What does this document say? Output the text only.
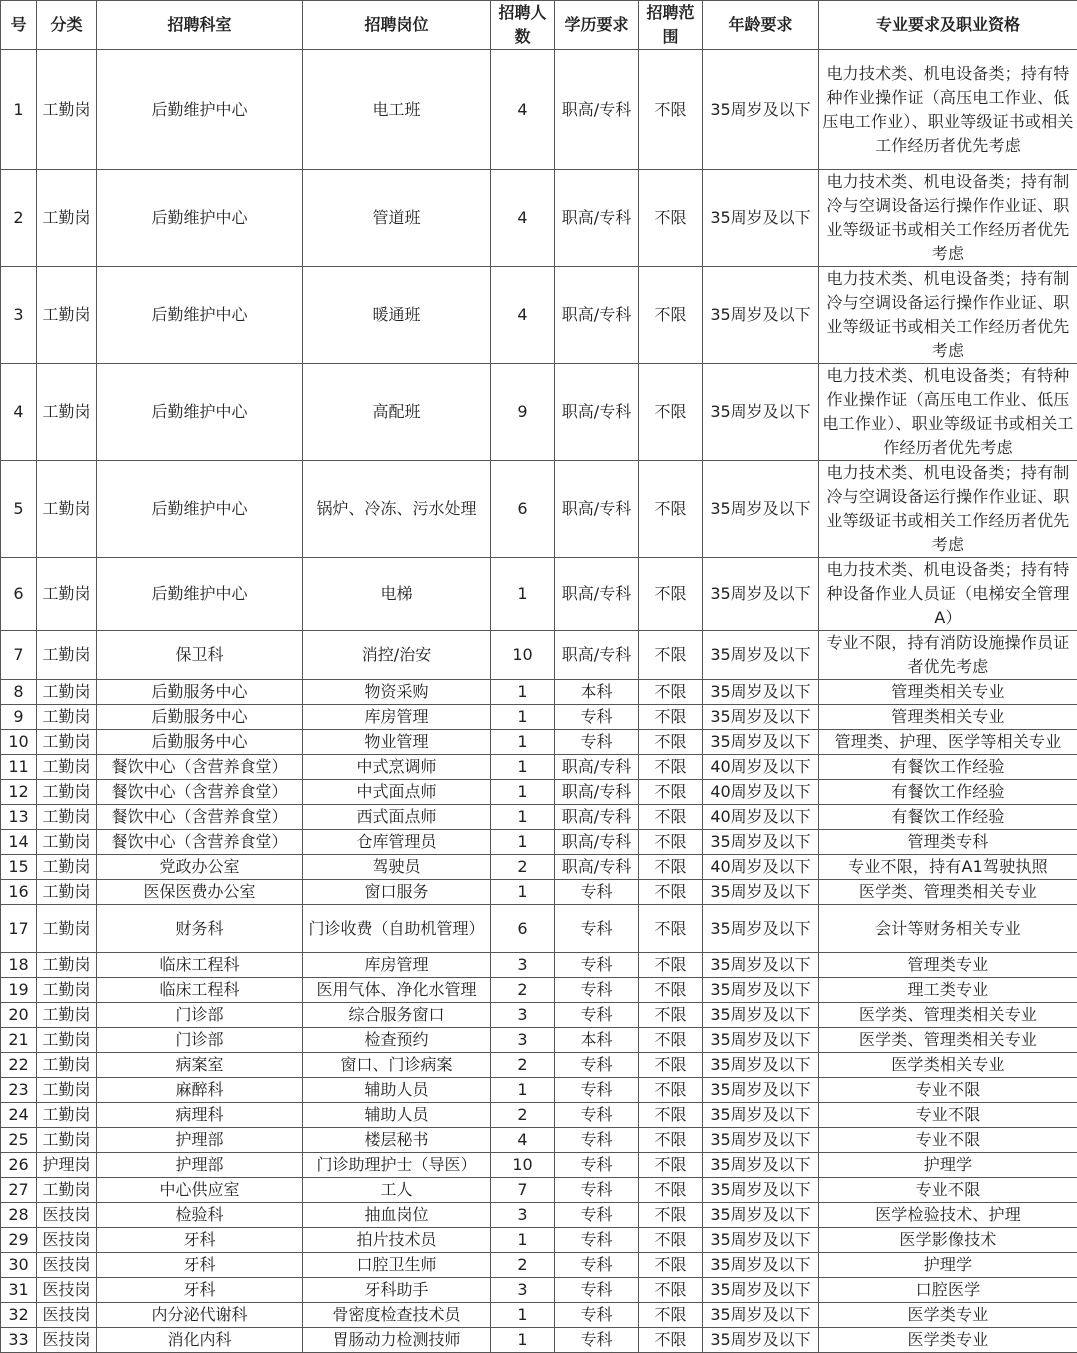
号	分类	招聘科室	招聘岗位	招聘人数	学历要求	招聘范围	年龄要求	专业要求及职业资格
1	工勤岗	后勤维护中心	电工班	4	职高/专科	不限	35周岁及以下	电力技术类、机电设备类；持有特种作业操作证（高压电工作业、低压电工作业）、职业等级证书或相关工作经历者优先考虑
2	工勤岗	后勤维护中心	管道班	4	职高/专科	不限	35周岁及以下	电力技术类、机电设备类；持有制冷与空调设备运行操作作业证、职业等级证书或相关工作经历者优先考虑
3	工勤岗	后勤维护中心	暖通班	4	职高/专科	不限	35周岁及以下	电力技术类、机电设备类；持有制冷与空调设备运行操作作业证、职业等级证书或相关工作经历者优先考虑
4	工勤岗	后勤维护中心	高配班	9	职高/专科	不限	35周岁及以下	电力技术类、机电设备类；有特种作业操作证（高压电工作业、低压电工作业）、职业等级证书或相关工作经历者优先考虑
5	工勤岗	后勤维护中心	锅炉、冷冻、污水处理	6	职高/专科	不限	35周岁及以下	电力技术类、机电设备类；持有制冷与空调设备运行操作作业证、职业等级证书或相关工作经历者优先考虑
6	工勤岗	后勤维护中心	电梯	1	职高/专科	不限	35周岁及以下	电力技术类、机电设备类；持有特种设备作业人员证（电梯安全管理A）
7	工勤岗	保卫科	消控/治安	10	职高/专科	不限	35周岁及以下	专业不限，持有消防设施操作员证者优先考虑
8	工勤岗	后勤服务中心	物资采购	1	本科	不限	35周岁及以下	管理类相关专业
9	工勤岗	后勤服务中心	库房管理	1	专科	不限	35周岁及以下	管理类相关专业
10	工勤岗	后勤服务中心	物业管理	1	专科	不限	35周岁及以下	管理类、护理、医学等相关专业
11	工勤岗	餐饮中心（含营养食堂）	中式烹调师	1	职高/专科	不限	40周岁及以下	有餐饮工作经验
12	工勤岗	餐饮中心（含营养食堂）	中式面点师	1	职高/专科	不限	40周岁及以下	有餐饮工作经验
13	工勤岗	餐饮中心（含营养食堂）	西式面点师	1	职高/专科	不限	40周岁及以下	有餐饮工作经验
14	工勤岗	餐饮中心（含营养食堂）	仓库管理员	1	职高/专科	不限	35周岁及以下	管理类专科
15	工勤岗	党政办公室	驾驶员	2	职高/专科	不限	40周岁及以下	专业不限，持有A1驾驶执照
16	工勤岗	医保医费办公室	窗口服务	1	专科	不限	35周岁及以下	医学类、管理类相关专业
17	工勤岗	财务科	门诊收费（自助机管理）	6	专科	不限	35周岁及以下	会计等财务相关专业
18	工勤岗	临床工程科	库房管理	3	专科	不限	35周岁及以下	管理类专业
19	工勤岗	临床工程科	医用气体、净化水管理	2	专科	不限	35周岁及以下	理工类专业
20	工勤岗	门诊部	综合服务窗口	3	专科	不限	35周岁及以下	医学类、管理类相关专业
21	工勤岗	门诊部	检查预约	3	本科	不限	35周岁及以下	医学类、管理类相关专业
22	工勤岗	病案室	窗口、门诊病案	2	专科	不限	35周岁及以下	医学类相关专业
23	工勤岗	麻醉科	辅助人员	1	专科	不限	35周岁及以下	专业不限
24	工勤岗	病理科	辅助人员	2	专科	不限	35周岁及以下	专业不限
25	工勤岗	护理部	楼层秘书	4	专科	不限	35周岁及以下	专业不限
26	护理岗	护理部	门诊助理护士（导医）	10	专科	不限	35周岁及以下	护理学
27	工勤岗	中心供应室	工人	7	专科	不限	35周岁及以下	专业不限
28	医技岗	检验科	抽血岗位	3	专科	不限	35周岁及以下	医学检验技术、护理
29	医技岗	牙科	拍片技术员	1	专科	不限	35周岁及以下	医学影像技术
30	医技岗	牙科	口腔卫生师	2	专科	不限	35周岁及以下	护理学
31	医技岗	牙科	牙科助手	3	专科	不限	35周岁及以下	口腔医学
32	医技岗	内分泌代谢科	骨密度检查技术员	1	专科	不限	35周岁及以下	医学类专业
33	医技岗	消化内科	胃肠动力检测技师	1	专科	不限	35周岁及以下	医学类专业
